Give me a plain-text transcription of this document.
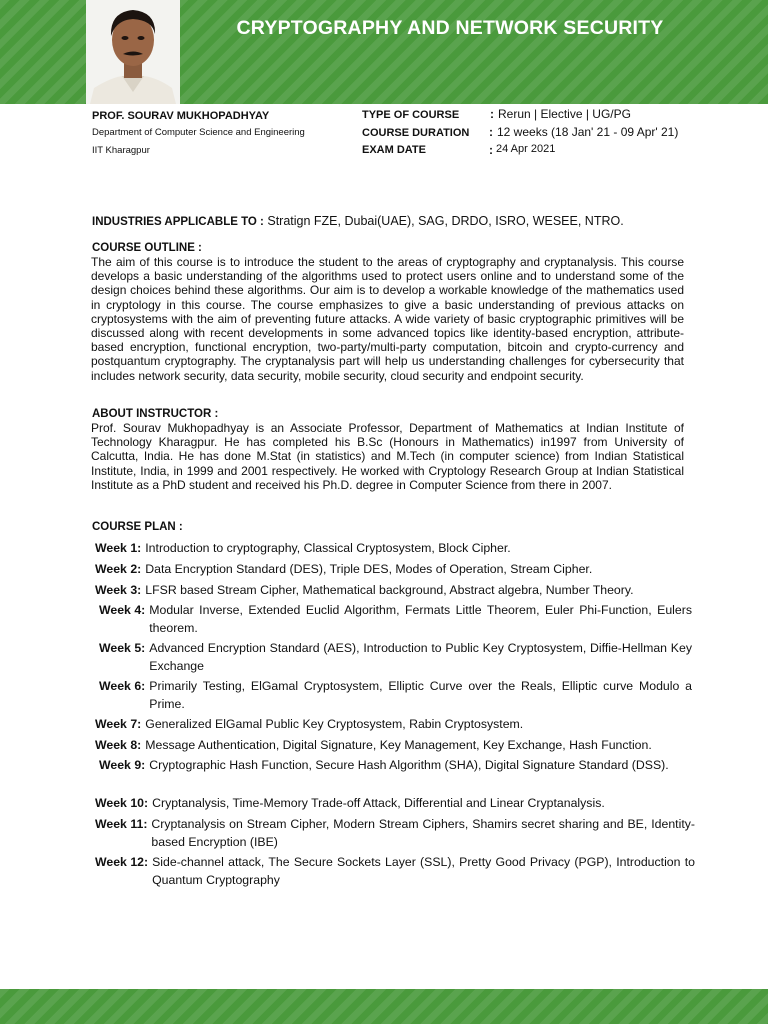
CRYPTOGRAPHY AND NETWORK SECURITY
PROF. SOURAV MUKHOPADHYAY
Department of Computer Science and Engineering
IIT Kharagpur
TYPE OF COURSE	: Rerun | Elective | UG/PG
COURSE DURATION : 12 weeks (18 Jan' 21 - 09 Apr' 21)
EXAM DATE	: 24 Apr 2021
INDUSTRIES APPLICABLE TO : Stratign FZE, Dubai(UAE), SAG, DRDO, ISRO, WESEE, NTRO.
COURSE OUTLINE :
The aim of this course is to introduce the student to the areas of cryptography and cryptanalysis. This course develops a basic understanding of the algorithms used to protect users online and to understand some of the design choices behind these algorithms. Our aim is to develop a workable knowledge of the mathematics used in cryptology in this course. The course emphasizes to give a basic understanding of previous attacks on cryptosystems with the aim of preventing future attacks. A wide variety of basic cryptographic primitives will be discussed along with recent developments in some advanced topics like identity-based encryption, attribute-based encryption, functional encryption, two-party/multi-party computation, bitcoin and crypto-currency and postquantum cryptography. The cryptanalysis part will help us understanding challenges for cybersecurity that includes network security, data security, mobile security, cloud security and endpoint security.
ABOUT INSTRUCTOR :
Prof. Sourav Mukhopadhyay is an Associate Professor, Department of Mathematics at Indian Institute of Technology Kharagpur. He has completed his B.Sc (Honours in Mathematics) in1997 from University of Calcutta, India. He has done M.Stat (in statistics) and M.Tech (in computer science) from Indian Statistical Institute, India, in 1999 and 2001 respectively. He worked with Cryptology Research Group at Indian Statistical Institute as a PhD student and received his Ph.D. degree in Computer Science from there in 2007.
COURSE PLAN :
Week 1: Introduction to cryptography, Classical Cryptosystem, Block Cipher.
Week 2: Data Encryption Standard (DES), Triple DES, Modes of Operation, Stream Cipher.
Week 3: LFSR based Stream Cipher, Mathematical background, Abstract algebra, Number Theory.
Week 4: Modular Inverse, Extended Euclid Algorithm, Fermats Little Theorem, Euler Phi-Function, Eulers theorem.
Week 5: Advanced Encryption Standard (AES), Introduction to Public Key Cryptosystem, Diffie-Hellman Key Exchange
Week 6: Primarily Testing, ElGamal Cryptosystem, Elliptic Curve over the Reals, Elliptic curve Modulo a Prime.
Week 7: Generalized ElGamal Public Key Cryptosystem, Rabin Cryptosystem.
Week 8: Message Authentication, Digital Signature, Key Management, Key Exchange, Hash Function.
Week 9: Cryptographic Hash Function, Secure Hash Algorithm (SHA), Digital Signature Standard (DSS).
Week 10: Cryptanalysis, Time-Memory Trade-off Attack, Differential and Linear Cryptanalysis.
Week 11: Cryptanalysis on Stream Cipher, Modern Stream Ciphers, Shamirs secret sharing and BE, Identity-based Encryption (IBE)
Week 12: Side-channel attack, The Secure Sockets Layer (SSL), Pretty Good Privacy (PGP), Introduction to Quantum Cryptography
